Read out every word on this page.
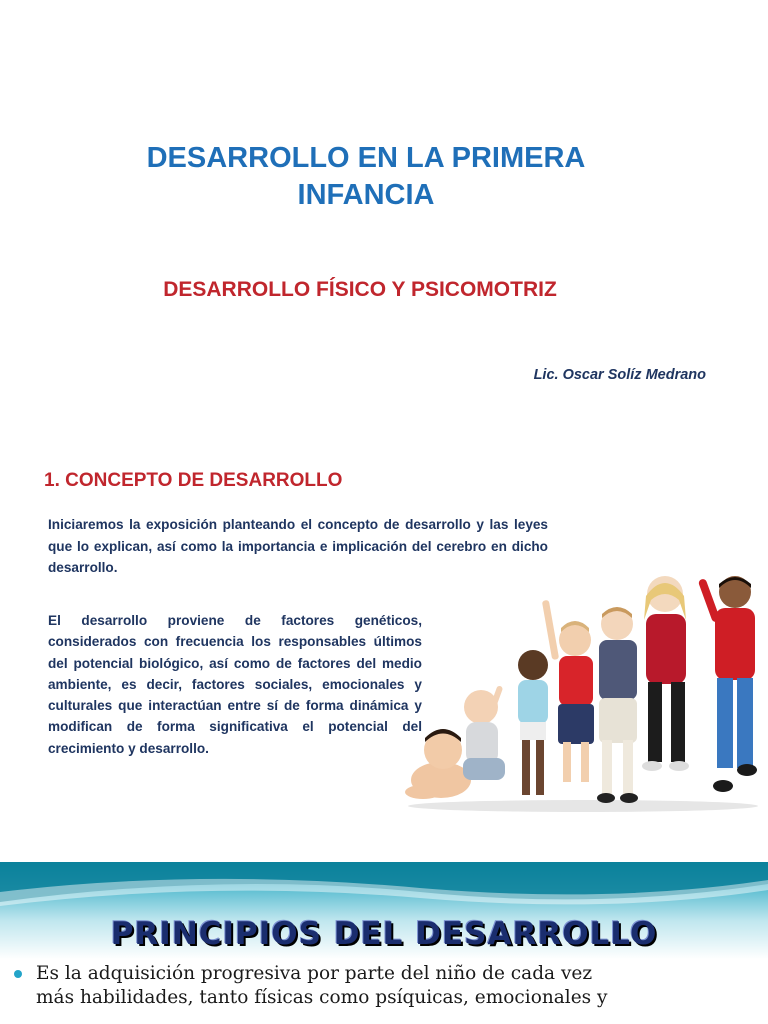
DESARROLLO EN LA PRIMERA
INFANCIA
DESARROLLO FÍSICO Y PSICOMOTRIZ
Lic. Oscar Solíz Medrano
1. CONCEPTO DE DESARROLLO

Iniciaremos la exposición planteando el concepto de desarrollo y las leyes que lo explican, así como la importancia e implicación del cerebro en dicho desarrollo.

El desarrollo proviene de factores genéticos, considerados con frecuencia los responsables últimos del potencial biológico, así como de factores del medio ambiente, es decir, factores sociales, emocionales y culturales que interactúan entre sí de forma dinámica y modifican de forma significativa el potencial del crecimiento y desarrollo.

PRINCIPIOS DEL DESARROLLO
Es la adquisición progresiva por parte del niño de cada vez
más habilidades, tanto físicas como psíquicas, emocionales y
